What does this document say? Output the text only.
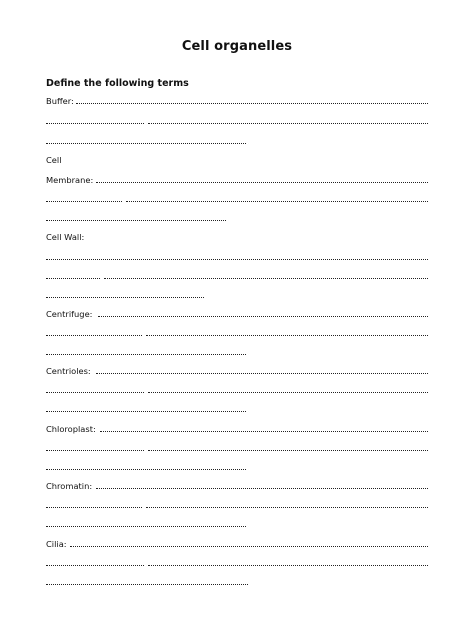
Cell organelles
Define the following terms
Buffer:
Cell
Membrane:
Cell Wall:
Centrifuge:
Centrioles:
Chloroplast:
Chromatin:
Cilia:
